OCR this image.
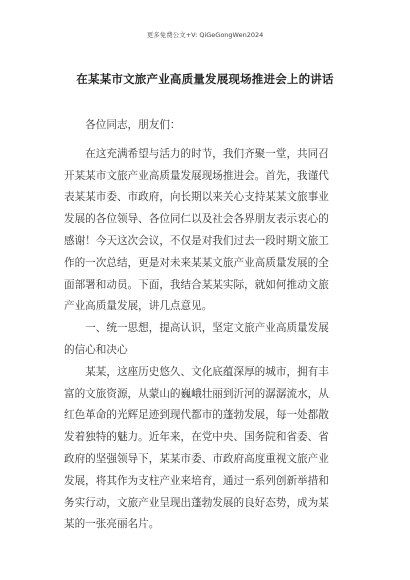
更多免费公文+V: QiGeGongWen2024
在某某市文旅产业高质量发展现场推进会上的讲话

　　各位同志，朋友们：

　　在这充满希望与活力的时节，我们齐聚一堂，共同召

开某某市文旅产业高质量发展现场推进会。首先，我谨代

表某某市委、市政府，向长期以来关心支持某某文旅事业

发展的各位领导、各位同仁以及社会各界朋友表示衷心的

感谢！今天这次会议，不仅是对我们过去一段时期文旅工

作的一次总结，更是对未来某某文旅产业高质量发展的全

面部署和动员。下面，我结合某某实际，就如何推动文旅

产业高质量发展，讲几点意见。

　　一、统一思想，提高认识，坚定文旅产业高质量发展

的信心和决心

　　某某，这座历史悠久、文化底蕴深厚的城市，拥有丰

富的文旅资源，从蒙山的巍峨壮丽到沂河的潺潺流水，从

红色革命的光辉足迹到现代都市的蓬勃发展，每一处都散

发着独特的魅力。近年来，在党中央、国务院和省委、省

政府的坚强领导下，某某市委、市政府高度重视文旅产业

发展，将其作为支柱产业来培育，通过一系列创新举措和

务实行动，文旅产业呈现出蓬勃发展的良好态势，成为某

某的一张亮丽名片。
